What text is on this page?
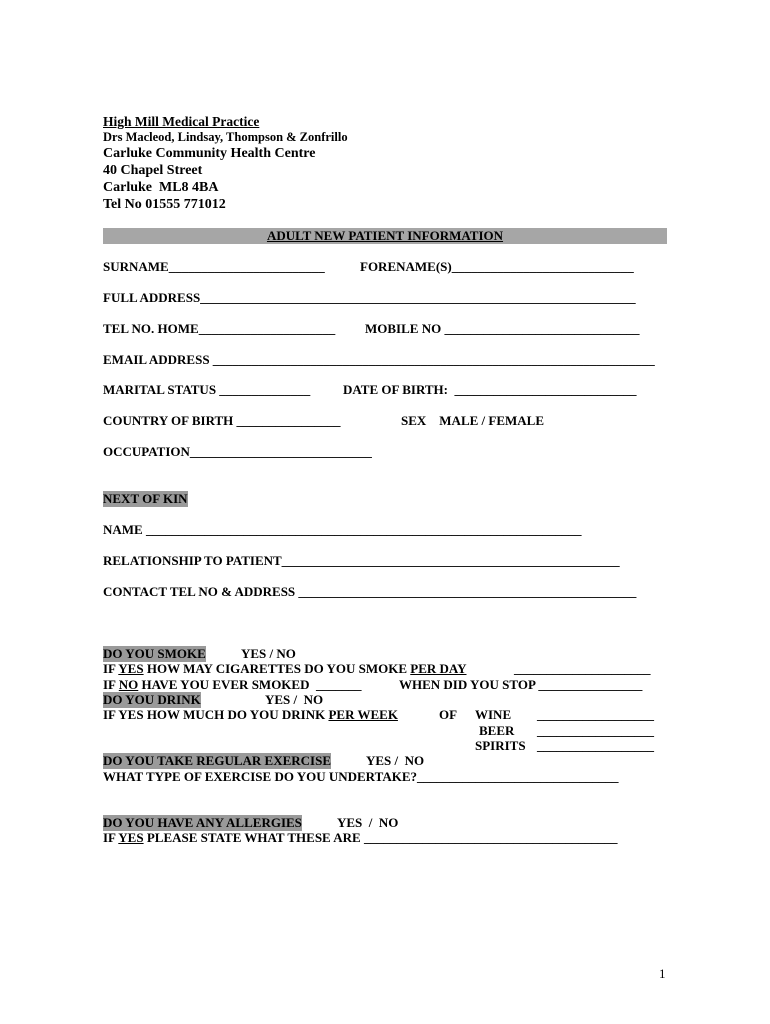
High Mill Medical Practice
Drs Macleod, Lindsay, Thompson & Zonfrillo
Carluke Community Health Centre
40 Chapel Street
Carluke  ML8 4BA
Tel No 01555 771012
ADULT NEW PATIENT INFORMATION
SURNAME________________________	FORENAME(S)____________________________
FULL ADDRESS___________________________________________________________________
TEL NO. HOME_____________________ MOBILE NO ______________________________
EMAIL ADDRESS ____________________________________________________________________
MARITAL STATUS ______________	DATE OF BIRTH:  ____________________________
COUNTRY OF BIRTH ________________	SEX    MALE / FEMALE
OCCUPATION____________________________
NEXT OF KIN
NAME ___________________________________________________________________
RELATIONSHIP TO PATIENT____________________________________________________
CONTACT TEL NO & ADDRESS ____________________________________________________
DO YOU SMOKE	YES / NO
IF YES HOW MAY CIGARETTES DO YOU SMOKE PER DAY	_____________________
IF NO HAVE YOU EVER SMOKED  _______	WHEN DID YOU STOP ________________
DO YOU DRINK	YES /  NO
IF YES HOW MUCH DO YOU DRINK PER WEEK	OF WINE __________________
BEER __________________
SPIRITS __________________
DO YOU TAKE REGULAR EXERCISE	YES /  NO
WHAT TYPE OF EXERCISE DO YOU UNDERTAKE?_______________________________
DO YOU HAVE ANY ALLERGIES	YES  /  NO
IF YES PLEASE STATE WHAT THESE ARE _______________________________________
1
